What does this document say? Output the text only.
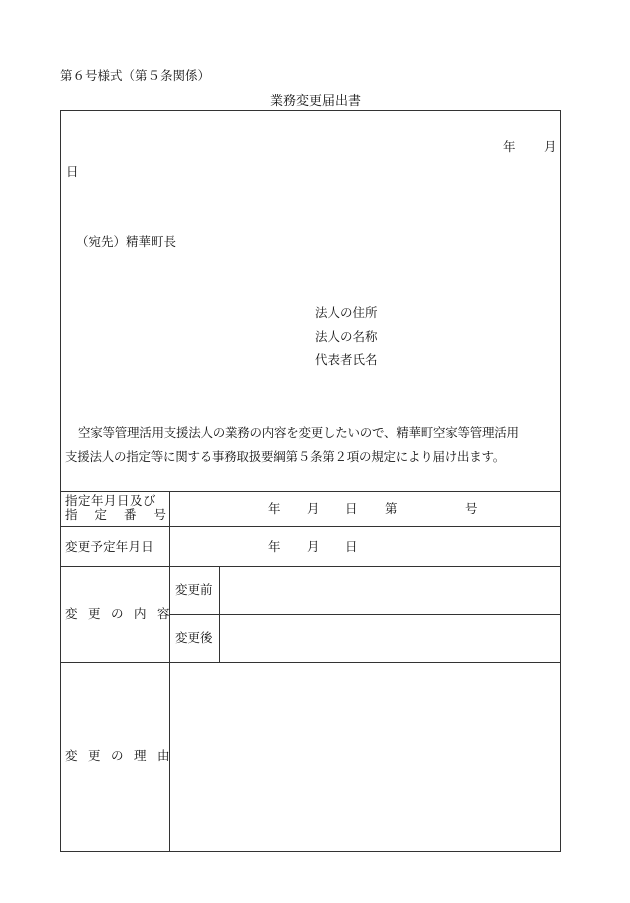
第６号様式（第５条関係）
業務変更届出書
年 月
日
（宛先）精華町長
法人の住所
法人の名称
代表者氏名
空家等管理活用支援法人の業務の内容を変更したいので、精華町空家等管理活用
支援法人の指定等に関する事務取扱要綱第５条第２項の規定により届け出ます。
指定年月日及び
指定番号	年 月 日 第	号
変更予定年月日	年 月 日
変更の内容
変更前
変更後
変更の理由
